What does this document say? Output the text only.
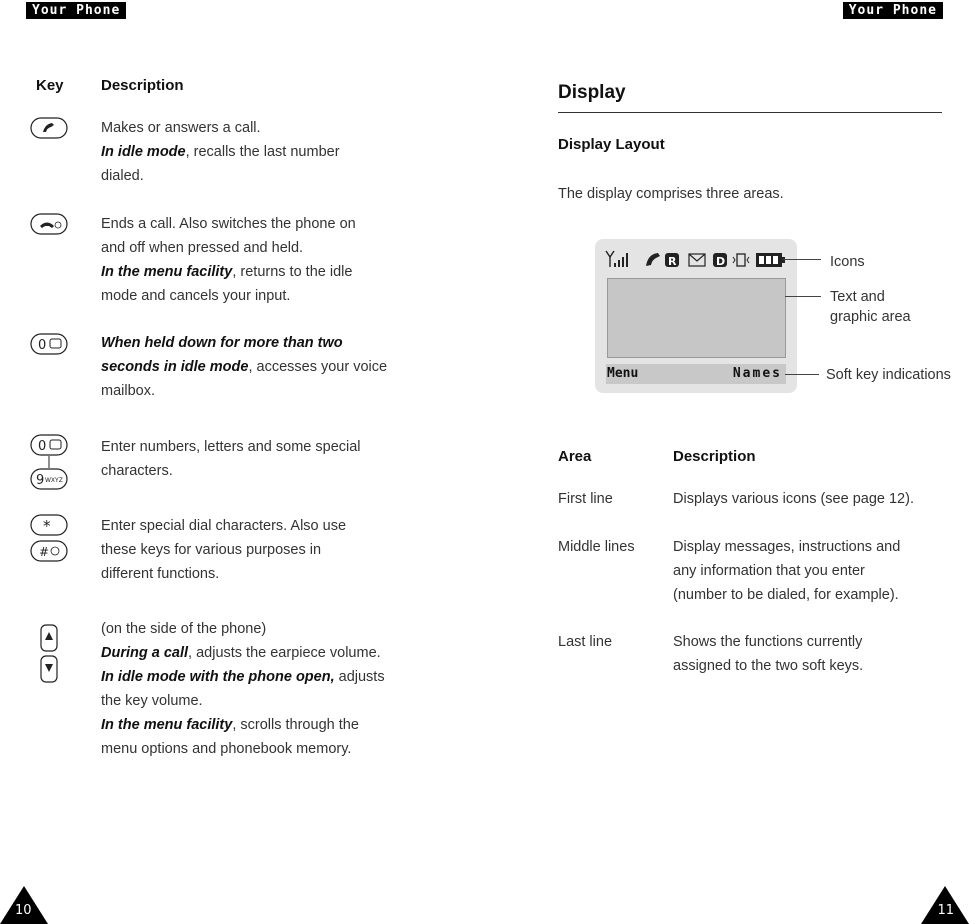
Your Phone	Your Phone
Key Description
Makes or answers a call.
In idle mode, recalls the last number
dialed.
Ends a call. Also switches the phone on
and off when pressed and held.
In the menu facility, returns to the idle
mode and cancels your input.
0	When held down for more than two
seconds in idle mode, accesses your voice
mailbox.
0
9 WXYZ
Enter numbers, letters and some special
characters.
*
#
Enter special dial characters. Also use
these keys for various purposes in
different functions.
(on the side of the phone)
During a call, adjusts the earpiece volume.
In idle mode with the phone open, adjusts
the key volume.
In the menu facility, scrolls through the
menu options and phonebook memory.
10
Display
Display Layout
The display comprises three areas.
R	D
Menu	Names
Icons
Text and
graphic area
Soft key indications
Area	Description
First line	Displays various icons (see page 12).
Middle lines	Display messages, instructions and
any information that you enter
(number to be dialed, for example).
Last line	Shows the functions currently
assigned to the two soft keys.
11
